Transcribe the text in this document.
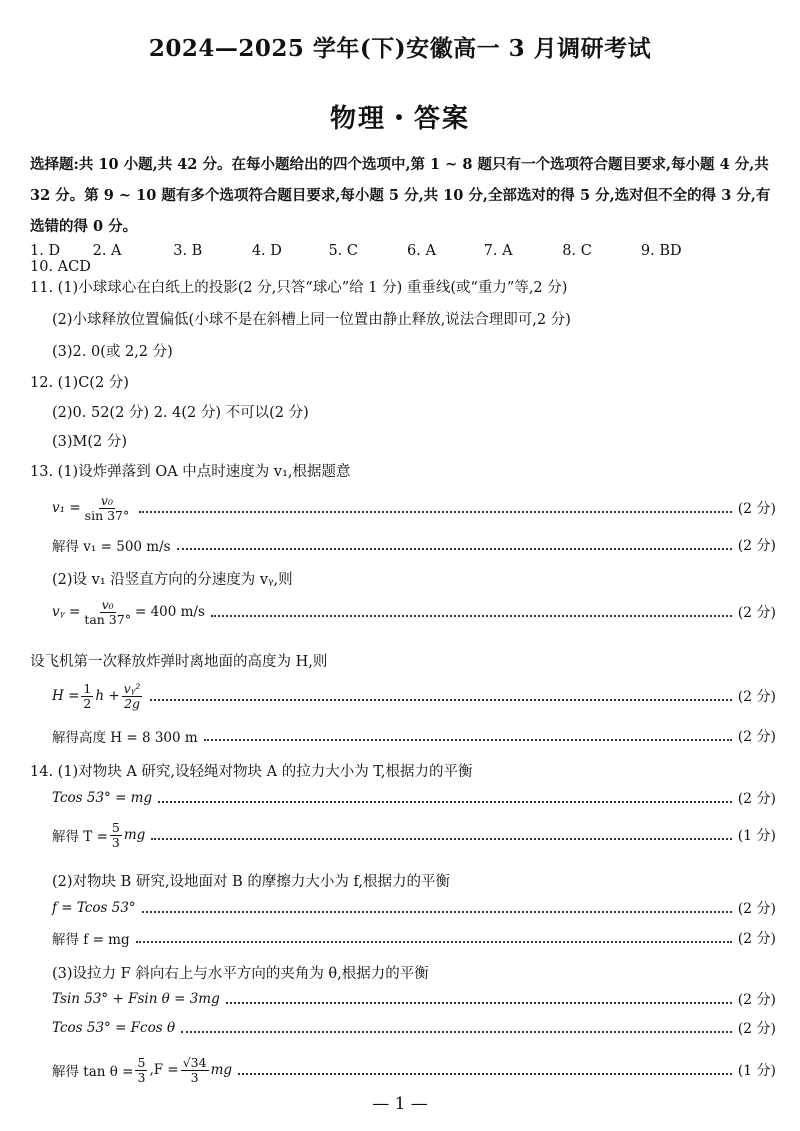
2024—2025 学年(下)安徽高一 3 月调研考试
物理・答案
选择题:共 10 小题,共 42 分。在每小题给出的四个选项中,第 1 ~ 8 题只有一个选项符合题目要求,每小题 4 分,共 32 分。第 9 ~ 10 题有多个选项符合题目要求,每小题 5 分,共 10 分,全部选对的得 5 分,选对但不全的得 3 分,有选错的得 0 分。
1. D 2. A	3. B	4. D	5. C	6. A	7. A	8. C	9. BD 10. ACD
11. (1)小球球心在白纸上的投影(2 分,只答“球心”给 1 分) 重垂线(或“重力”等,2 分)
(2)小球释放位置偏低(小球不是在斜槽上同一位置由静止释放,说法合理即可,2 分)
(3)2. 0(或 2,2 分)
12. (1)C(2 分)
(2)0. 52(2 分) 2. 4(2 分) 不可以(2 分)
(3)M(2 分)
13. (1)设炸弹落到 OA 中点时速度为 v₁,根据题意
$v_1 = \frac{\text{v₀}}{\sin 37^\circ}$	(2 分)
解得 v₁ = 500 m/s	(2 分)
(2)设 v₁ 沿竖直方向的分速度为 vᵧ,则
vᵧ = $\frac{\text{v₀}}{\tan 37^\circ} = 400$ m/s	(2 分)
设飞机第一次释放炸弹时离地面的高度为 H,则
$H = \frac{1}{2}$ $h + \frac{\text{vᵧ²}}{2g}$	(2 分)
解得高度 H = 8 300 m	(2 分)
14. (1)对物块 A 研究,设轻绳对物块 A 的拉力大小为 T,根据力的平衡
Tcos 53° = mg	(2 分)
解得 $T = \frac{5}{3}$ mg	(1 分)
(2)对物块 B 研究,设地面对 B 的摩擦力大小为 f,根据力的平衡
f = Tcos 53°	(2 分)
解得 f = mg	(2 分)
(3)设拉力 F 斜向右上与水平方向的夹角为 θ,根据力的平衡
Tsin 53° + Fsin θ = 3mg	(2 分)
Tcos 53° = Fcos θ	(2 分)
解得 $\tan \theta = \frac{5}{3} ,F = \frac{√34}{3}$ mg	(1 分)
— 1 —
